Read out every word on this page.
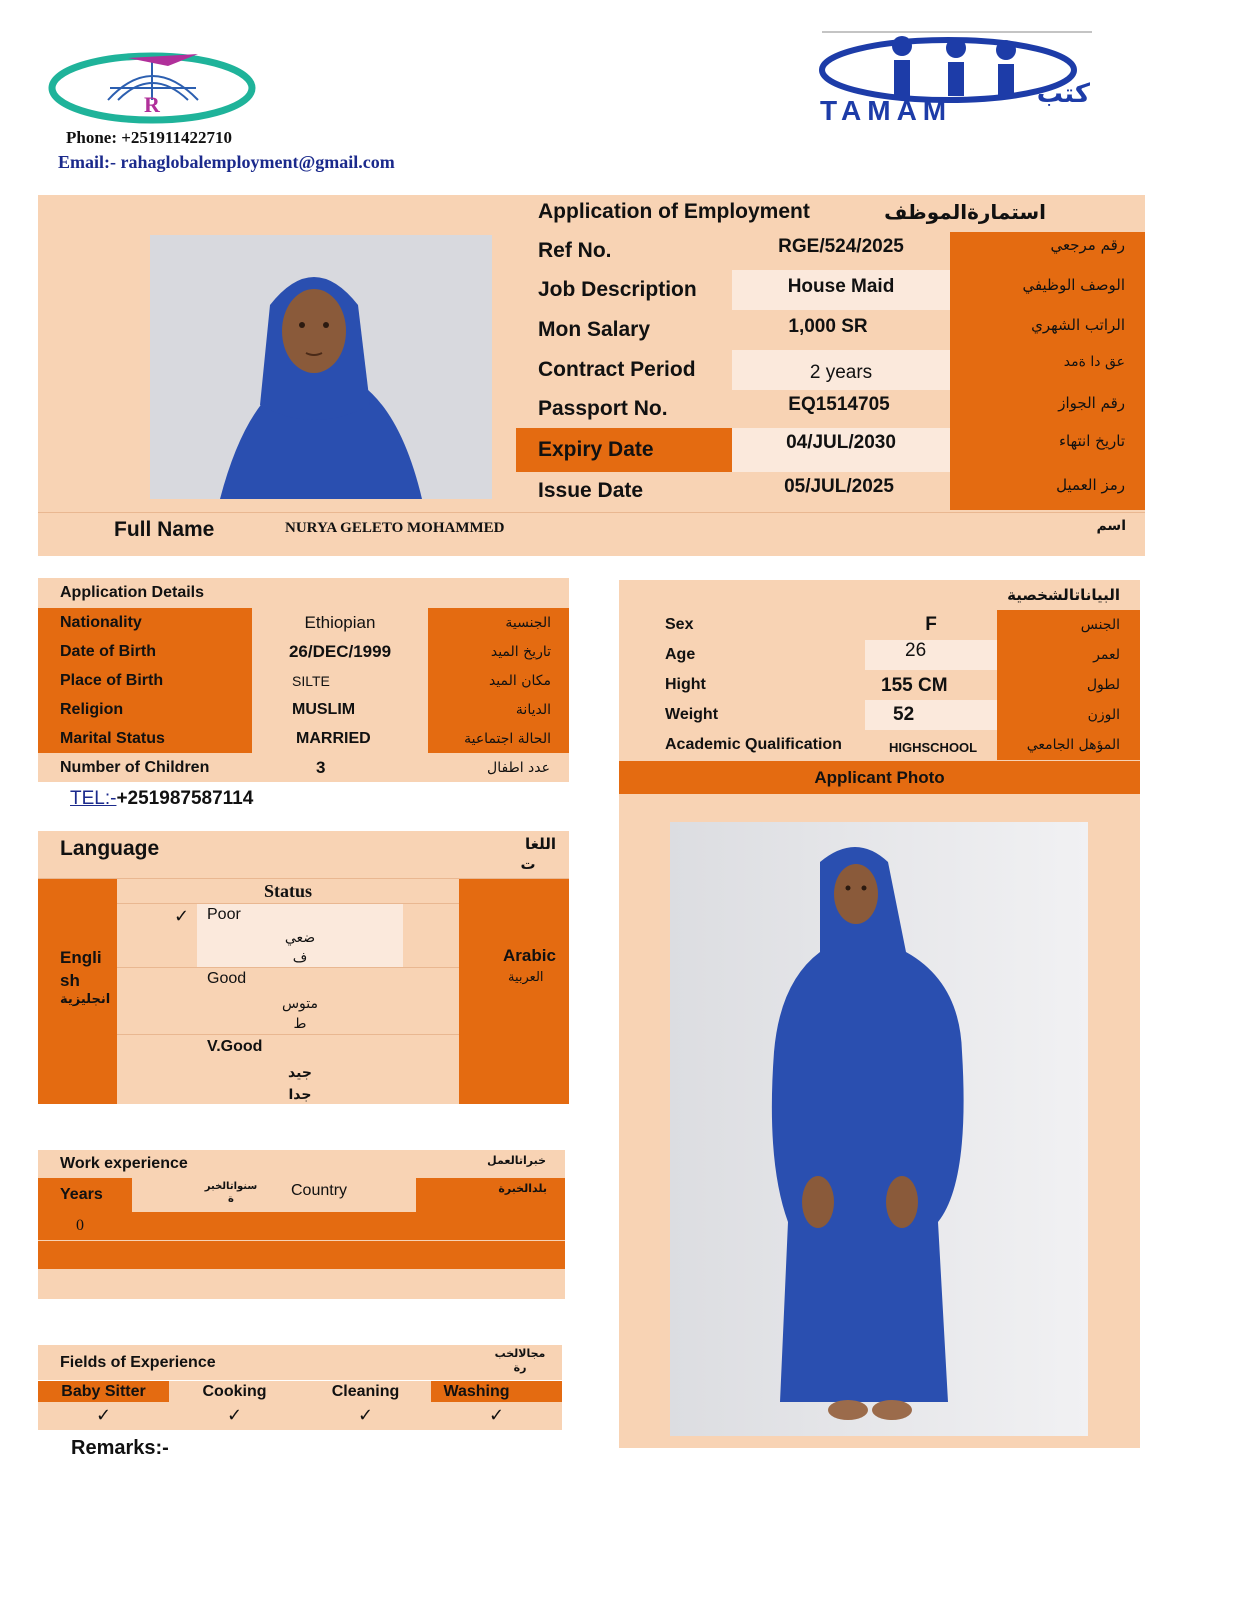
R
Phone: +251911422710
Email:- rahaglobalemployment@gmail.com
TAMAM
كتب
Application of Employment	استمارةالموظف
Ref No.	RGE/524/2025	رقم مرجعي
Job Description	House Maid	الوصف الوظيفي
Mon Salary	1,000 SR	الراتب الشهري
Contract Period	2 years	عق دا ةمد
Passport No.	EQ1514705	رقم الجواز
Expiry Date	04/JUL/2030	تاريخ انتهاء
Issue Date	05/JUL/2025	رمز العميل
Full Name	NURYA GELETO MOHAMMED	اسم
Application Details
Nationality	Ethiopian	الجنسية
Date of Birth	26/DEC/1999	تاريخ الميد
Place of Birth	SILTE	مكان الميد
Religion	MUSLIM	الديانة
Marital Status	MARRIED	الحالة اجتماعية
Number of Children	3	عدد اطفال
TEL:-+251987587114
البياناتالشخصية
Sex	F	الجنس
Age	26	لعمر
Hight	155 CM	لطول
Weight	52	الوزن
Academic Qualification	HIGHSCHOOL	المؤهل الجامعي
Applicant Photo
Language	اللغا
ت
Engli
sh
انجليزية
Arabic
العربية
Status
✓ Poor
ضعي
ف
Good
متوس
ط
V.Good
جيد
جدا
Work experience	خبراتالعمل
Years	سنواتالخبر
ة
Country	بلدالخبرة
0
Fields of Experience	مجالالخب
رة
Baby Sitter	Cooking	Cleaning	Washing
✓	✓	✓	✓
Remarks:-
